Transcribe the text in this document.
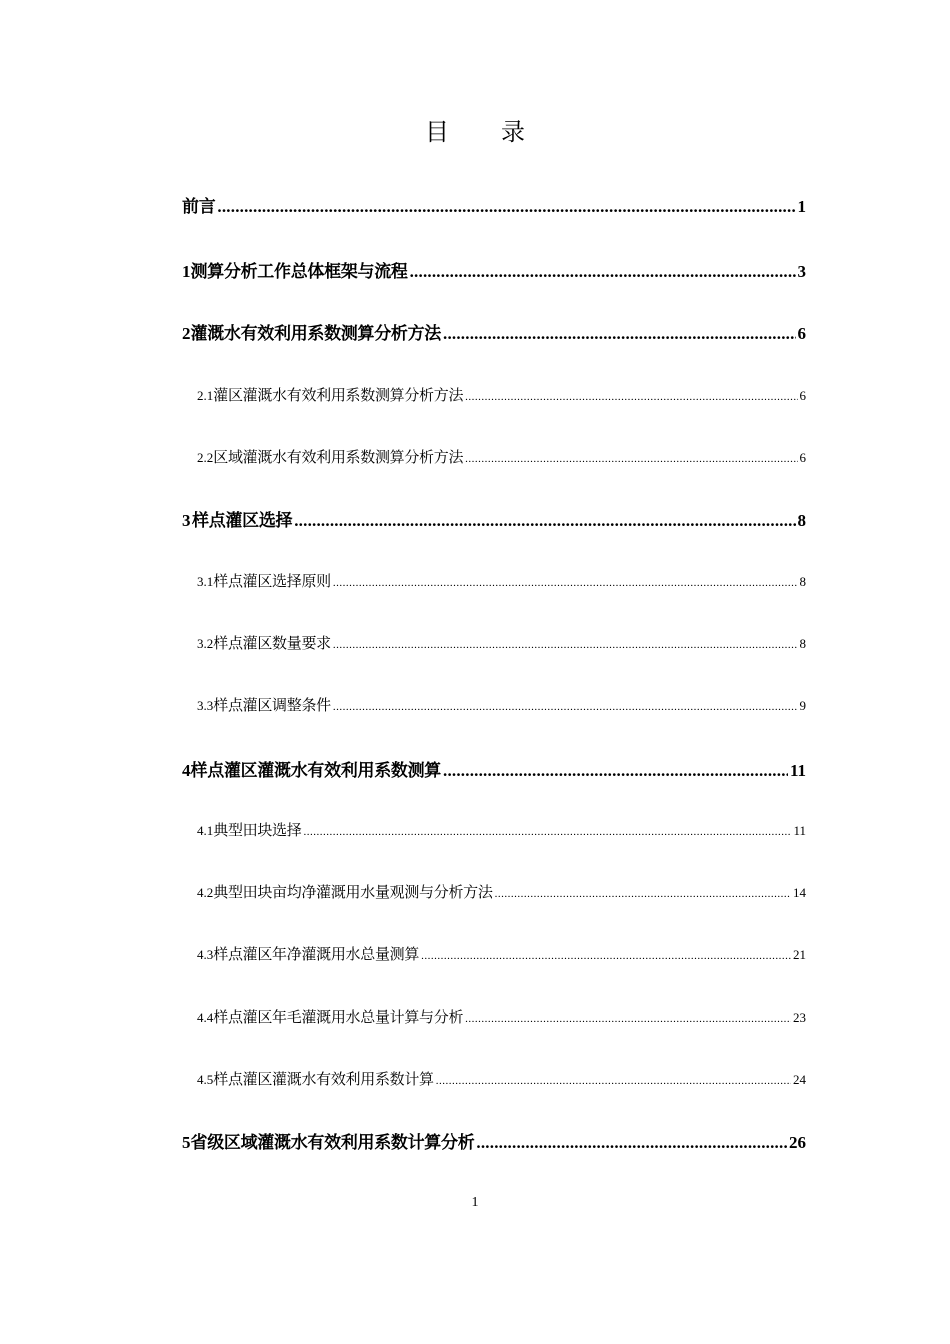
目 录
前言 .....	1
1 测算分析工作总体框架与流程 .....	3
2 灌溉水有效利用系数测算分析方法 .....	6
2.1 灌区灌溉水有效利用系数测算分析方法 .....	6
2.2 区域灌溉水有效利用系数测算分析方法 .....	6
3 样点灌区选择 .....	8
3.1 样点灌区选择原则 .....	8
3.2 样点灌区数量要求 .....	8
3.3 样点灌区调整条件 .....	9
4 样点灌区灌溉水有效利用系数测算 .....	11
4.1 典型田块选择 .....	11
4.2 典型田块亩均净灌溉用水量观测与分析方法 .....	14
4.3 样点灌区年净灌溉用水总量测算 .....	21
4.4 样点灌区年毛灌溉用水总量计算与分析 .....	23
4.5 样点灌区灌溉水有效利用系数计算 .....	24
5 省级区域灌溉水有效利用系数计算分析 .....	26
1
